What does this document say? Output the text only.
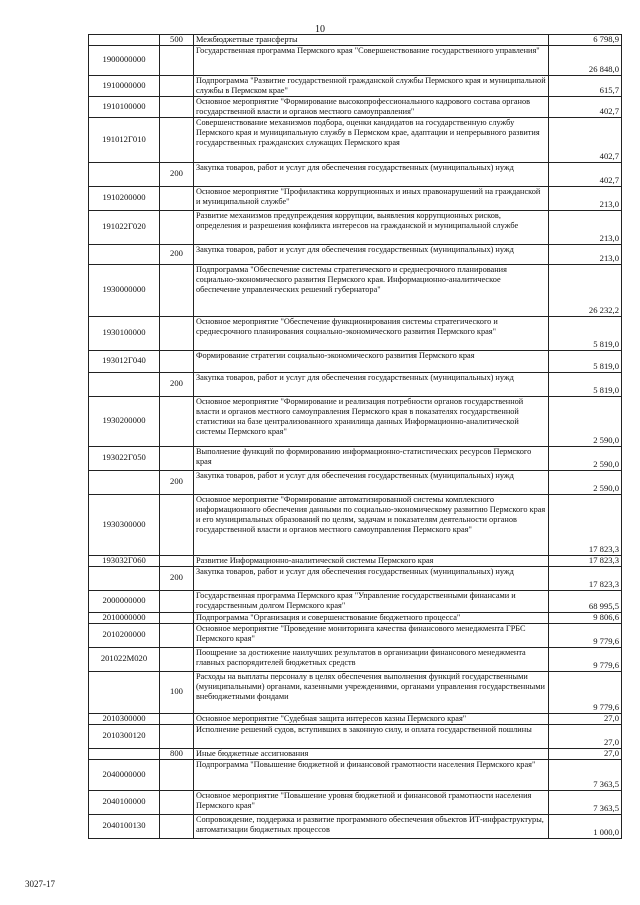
10
	500	Межбюджетные трансферты	6 798,9
1900000000		Государственная программа Пермского края "Совершенствование государственного управления"	26 848,0
1910000000		Подпрограмма "Развитие государственной гражданской службы Пермского края и муниципальной службы в Пермском крае"	615,7
1910100000		Основное мероприятие "Формирование высокопрофессионального кадрового состава органов государственной власти и органов местного самоуправления"	402,7
191012Г010		Совершенствование механизмов подбора, оценки кандидатов на государственную службу Пермского края и муниципальную службу в Пермском крае, адаптации и непрерывного развития государственных гражданских служащих Пермского края	402,7
	200	Закупка товаров, работ и услуг для обеспечения государственных (муниципальных) нужд	402,7
1910200000		Основное мероприятие "Профилактика коррупционных и иных правонарушений на гражданской и муниципальной службе"	213,0
191022Г020		Развитие механизмов предупреждения коррупции, выявления коррупционных рисков, определения и разрешения конфликта интересов на гражданской и муниципальной службе	213,0
	200	Закупка товаров, работ и услуг для обеспечения государственных (муниципальных) нужд	213,0
1930000000		Подпрограмма "Обеспечение системы стратегического и среднесрочного планирования социально-экономического развития Пермского края. Информационно-аналитическое обеспечение управленческих решений губернатора"	26 232,2
1930100000		Основное мероприятие "Обеспечение функционирования системы стратегического и среднесрочного планирования социально-экономического развития Пермского края"	5 819,0
193012Г040		Формирование стратегии социально-экономического развития Пермского края	5 819,0
	200	Закупка товаров, работ и услуг для обеспечения государственных (муниципальных) нужд	5 819,0
1930200000		Основное мероприятие "Формирование и реализация потребности органов государственной власти и органов местного самоуправления Пермского края в показателях государственной статистики на базе централизованного хранилища данных Информационно-аналитической системы Пермского края"	2 590,0
193022Г050		Выполнение функций по формированию информационно-статистических ресурсов Пермского края	2 590,0
	200	Закупка товаров, работ и услуг для обеспечения государственных (муниципальных) нужд	2 590,0
1930300000		Основное мероприятие "Формирование автоматизированной системы комплексного информационного обеспечения данными по социально-экономическому развитию Пермского края и его муниципальных образований по целям, задачам и показателям деятельности органов государственной власти и органов местного самоуправления Пермского края"	17 823,3
193032Г060		Развитие Информационно-аналитической системы Пермского края	17 823,3
	200	Закупка товаров, работ и услуг для обеспечения государственных (муниципальных) нужд	17 823,3
2000000000		Государственная программа Пермского края "Управление государственными финансами и государственным долгом Пермского края"	68 995,5
2010000000		Подпрограмма "Организация и совершенствование бюджетного процесса"	9 806,6
2010200000		Основное мероприятие "Проведение мониторинга качества финансового менеджмента ГРБС Пермского края"	9 779,6
201022М020		Поощрение за достижение наилучших результатов в организации финансового менеджмента главных распорядителей бюджетных средств	9 779,6
	100	Расходы на выплаты персоналу в целях обеспечения выполнения функций государственными (муниципальными) органами, казенными учреждениями, органами управления государственными внебюджетными фондами	9 779,6
2010300000		Основное мероприятие "Судебная защита интересов казны Пермского края"	27,0
2010300120		Исполнение решений судов, вступивших в законную силу, и оплата государственной пошлины	27,0
	800	Иные бюджетные ассигнования	27,0
2040000000		Подпрограмма "Повышение бюджетной и финансовой грамотности населения Пермского края"	7 363,5
2040100000		Основное мероприятие "Повышение уровня бюджетной и финансовой грамотности населения Пермского края"	7 363,5
2040100130		Сопровождение, поддержка и развитие программного обеспечения объектов ИТ-инфраструктуры, автоматизации бюджетных процессов	1 000,0
3027-17
